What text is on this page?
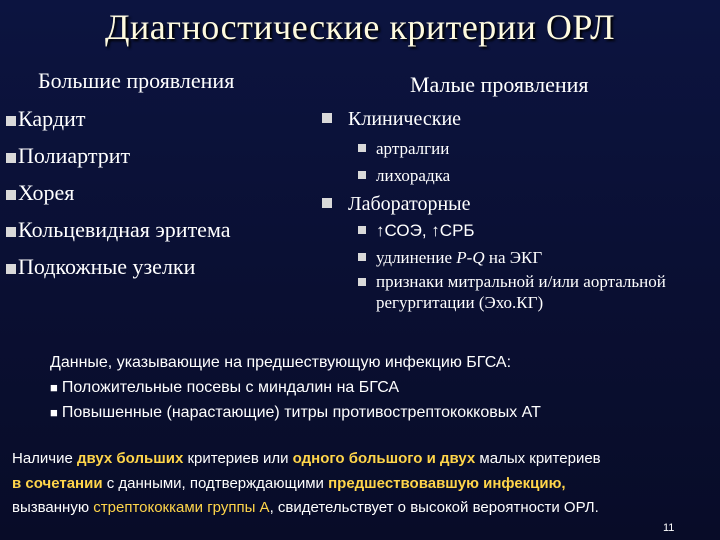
Диагностические критерии ОРЛ
Большие проявления	Малые проявления
Кардит
Полиартрит
Хорея
Кольцевидная эритема
Подкожные узелки
Клинические
артралгии
лихорадка
Лабораторные
↑СОЭ, ↑СРБ
удлинение P-Q на ЭКГ
признаки митральной и/или аортальной регургитации (Эхо.КГ)
Данные, указывающие на предшествующую инфекцию БГСА:
■ Положительные посевы с миндалин на БГСА
■ Повышенные (нарастающие) титры противострептококковых АТ
Наличие двух больших критериев или одного большого и двух малых критериев
в сочетании с данными, подтверждающими предшествовавшую инфекцию,
вызванную стрептококками группы А, свидетельствует о высокой вероятности ОРЛ.
11
